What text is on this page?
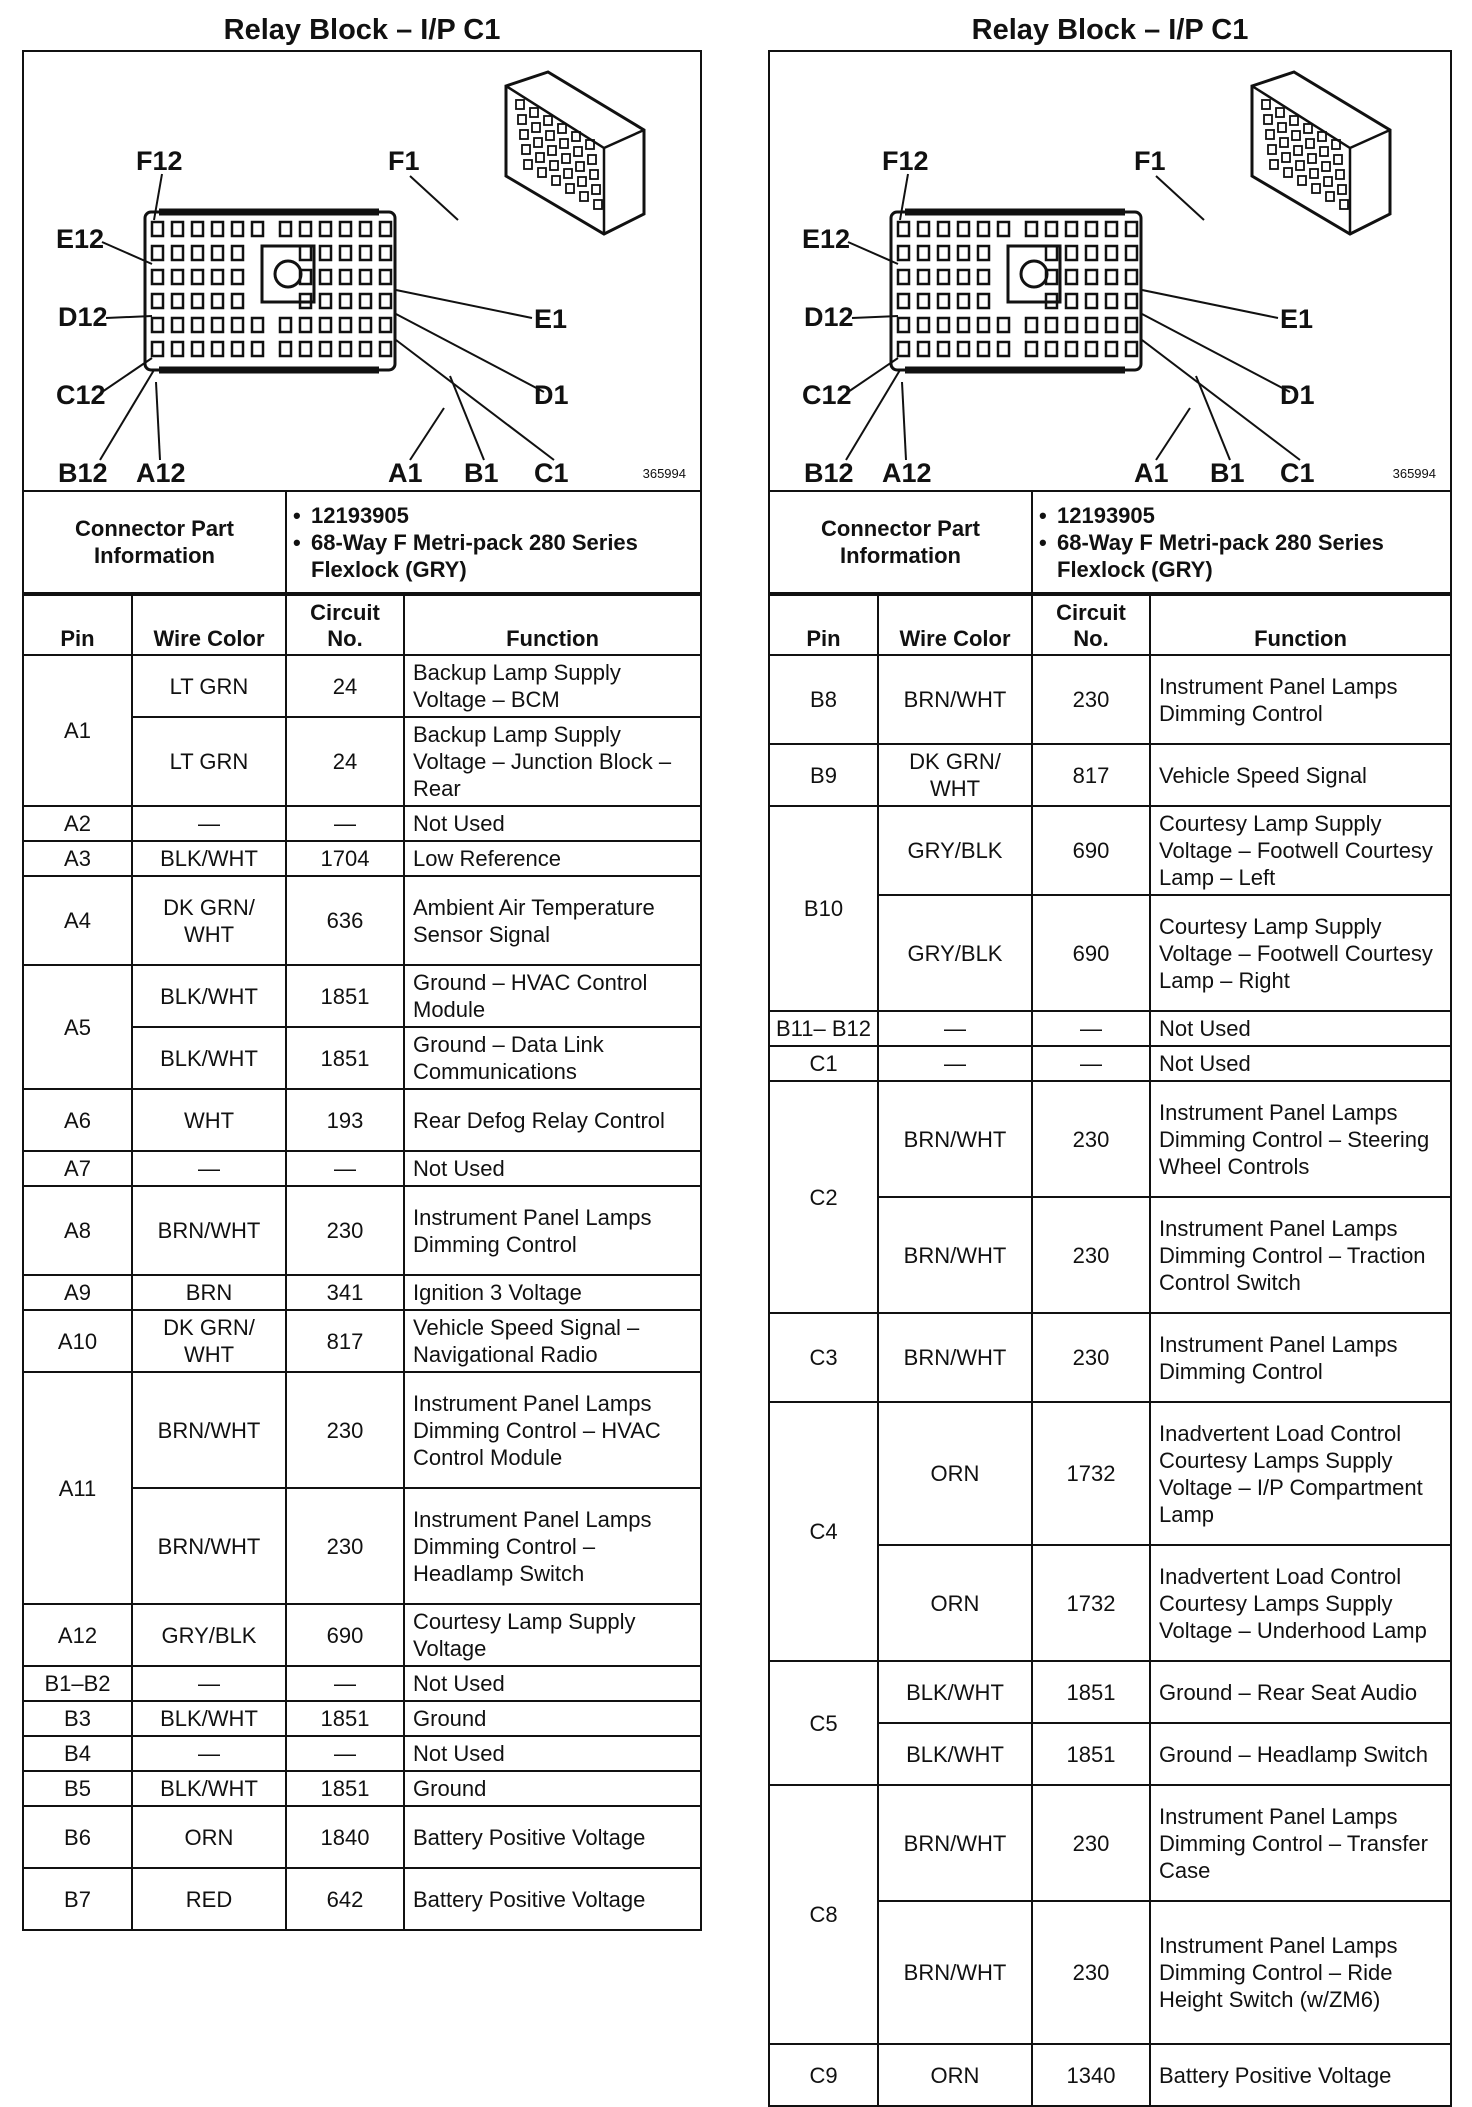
Relay Block – I/P C1
F12	F1
E12
D12
C12
B12 A12
E1
D1
A1 B1 C1	365994
Connector Part Information	
• 12193905
• 68-Way F Metri-pack 280 Series Flexlock (GRY)
Pin	Wire Color	Circuit No.	Function
A1	LT GRN	24	Backup Lamp Supply Voltage – BCM
	LT GRN	24	Backup Lamp Supply Voltage – Junction Block – Rear
A2	—	—	Not Used
A3	BLK/WHT	1704	Low Reference
A4	DK GRN/ WHT	636	Ambient Air Temperature Sensor Signal
A5	BLK/WHT	1851	Ground – HVAC Control Module
	BLK/WHT	1851	Ground – Data Link Communications
A6	WHT	193	Rear Defog Relay Control
A7	—	—	Not Used
A8	BRN/WHT	230	Instrument Panel Lamps Dimming Control
A9	BRN	341	Ignition 3 Voltage
A10	DK GRN/ WHT	817	Vehicle Speed Signal – Navigational Radio
A11	BRN/WHT	230	Instrument Panel Lamps Dimming Control – HVAC Control Module
	BRN/WHT	230	Instrument Panel Lamps Dimming Control – Headlamp Switch
A12	GRY/BLK	690	Courtesy Lamp Supply Voltage
B1–B2	—	—	Not Used
B3	BLK/WHT	1851	Ground
B4	—	—	Not Used
B5	BLK/WHT	1851	Ground
B6	ORN	1840	Battery Positive Voltage
B7	RED	642	Battery Positive Voltage
Relay Block – I/P C1
F12	F1
E12
D12
C12
B12 A12
E1
D1
A1 B1 C1	365994
Connector Part Information	
• 12193905
• 68-Way F Metri-pack 280 Series Flexlock (GRY)
Pin	Wire Color	Circuit No.	Function
B8	BRN/WHT	230	Instrument Panel Lamps Dimming Control
B9	DK GRN/ WHT	817	Vehicle Speed Signal
B10	GRY/BLK	690	Courtesy Lamp Supply Voltage – Footwell Courtesy Lamp – Left
	GRY/BLK	690	Courtesy Lamp Supply Voltage – Footwell Courtesy Lamp – Right
B11– B12	—	—	Not Used
C1	—	—	Not Used
C2	BRN/WHT	230	Instrument Panel Lamps Dimming Control – Steering Wheel Controls
	BRN/WHT	230	Instrument Panel Lamps Dimming Control – Traction Control Switch
C3	BRN/WHT	230	Instrument Panel Lamps Dimming Control
C4	ORN	1732	Inadvertent Load Control Courtesy Lamps Supply Voltage – I/P Compartment Lamp
	ORN	1732	Inadvertent Load Control Courtesy Lamps Supply Voltage – Underhood Lamp
C5	BLK/WHT	1851	Ground – Rear Seat Audio
	BLK/WHT	1851	Ground – Headlamp Switch
C8	BRN/WHT	230	Instrument Panel Lamps Dimming Control – Transfer Case
	BRN/WHT	230	Instrument Panel Lamps Dimming Control – Ride Height Switch (w/ZM6)
C9	ORN	1340	Battery Positive Voltage
